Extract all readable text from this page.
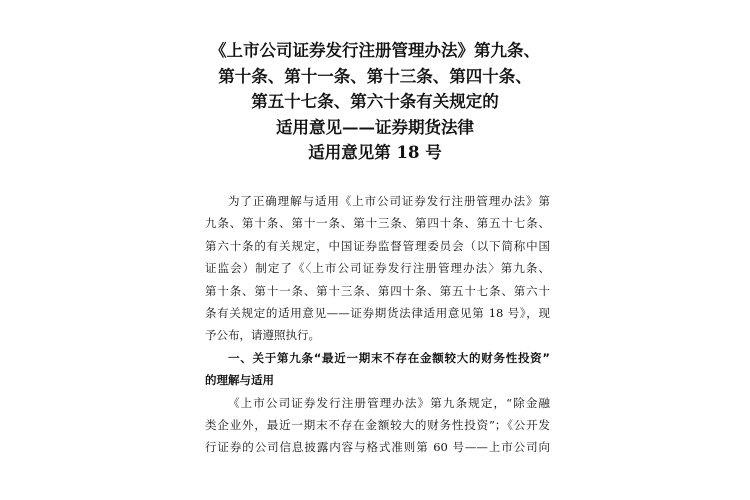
《上市公司证券发行注册管理办法》第九条、
第十条、第十一条、第十三条、第四十条、
第五十七条、第六十条有关规定的
适用意见——证券期货法律
适用意见第 18 号
为了正确理解与适用《上市公司证券发行注册管理办法》第
九条、第十条、第十一条、第十三条、第四十条、第五十七条、
第六十条的有关规定，中国证券监督管理委员会（以下简称中国
证监会）制定了《〈上市公司证券发行注册管理办法〉第九条、
第十条、第十一条、第十三条、第四十条、第五十七条、第六十
条有关规定的适用意见——证券期货法律适用意见第 18 号》，现
予公布，请遵照执行。
一、关于第九条“最近一期末不存在金额较大的财务性投资”
的理解与适用
《上市公司证券发行注册管理办法》第九条规定，“除金融
类企业外，最近一期末不存在金额较大的财务性投资”；《公开发
行证券的公司信息披露内容与格式准则第 60 号——上市公司向
